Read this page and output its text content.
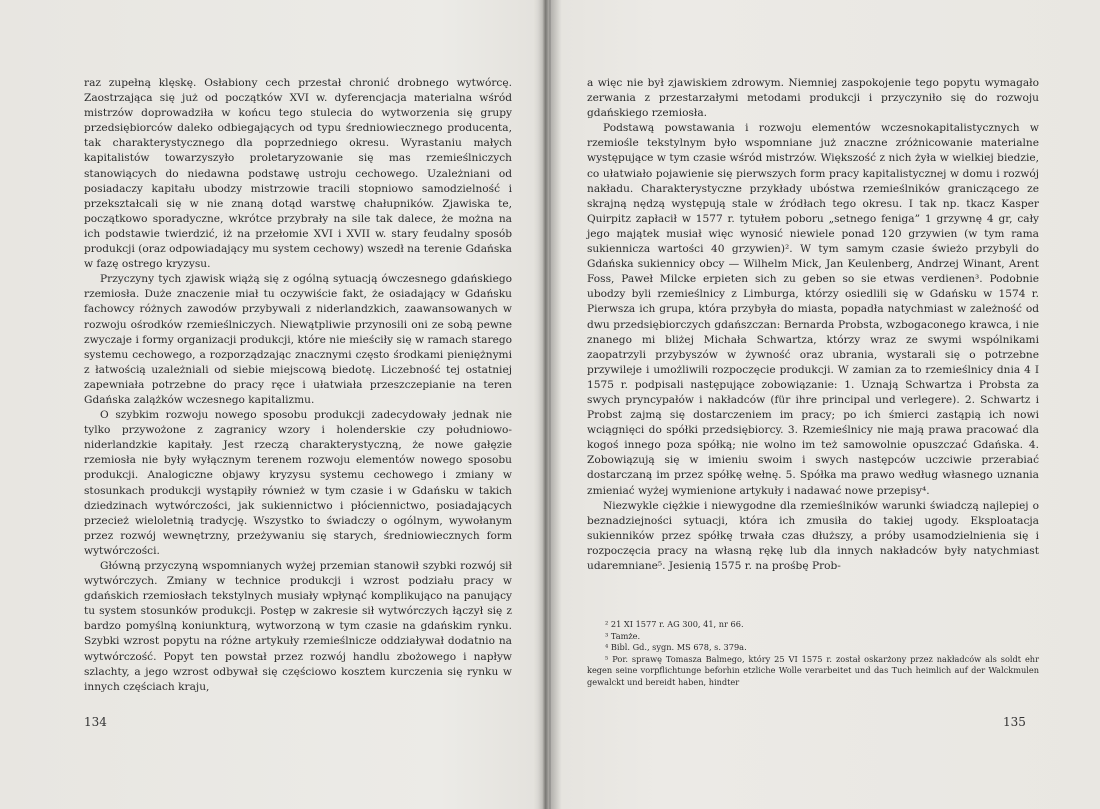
raz zupełną klęskę. Osłabiony cech przestał chronić drobnego wytwórcę. Zaostrzająca się już od początków XVI w. dyferencjacja materialna wśród mistrzów doprowadziła w końcu tego stulecia do wytworzenia się grupy przedsiębiorców daleko odbiegających od typu średniowiecznego producenta, tak charakterystycznego dla poprzedniego okresu. Wyrastaniu małych kapitalistów towarzyszyło proletaryzowanie się mas rzemieślniczych stanowiących do niedawna podstawę ustroju cechowego. Uzależniani od posiadaczy kapitału ubodzy mistrzowie tracili stopniowo samodzielność i przekształcali się w nie znaną dotąd warstwę chałupników. Zjawiska te, początkowo sporadyczne, wkrótce przybrały na sile tak dalece, że można na ich podstawie twierdzić, iż na przełomie XVI i XVII w. stary feudalny sposób produkcji (oraz odpowiadający mu system cechowy) wszedł na terenie Gdańska w fazę ostrego kryzysu.

Przyczyny tych zjawisk wiążą się z ogólną sytuacją ówczesnego gdańskiego rzemiosła. Duże znaczenie miał tu oczywiście fakt, że osiadający w Gdańsku fachowcy różnych zawodów przybywali z niderlandzkich, zaawansowanych w rozwoju ośrodków rzemieślniczych. Niewątpliwie przynosili oni ze sobą pewne zwyczaje i formy organizacji produkcji, które nie mieściły się w ramach starego systemu cechowego, a rozporządzając znacznymi często środkami pieniężnymi z łatwością uzależniali od siebie miejscową biedotę. Liczebność tej ostatniej zapewniała potrzebne do pracy ręce i ułatwiała przeszczepianie na teren Gdańska zalążków wczesnego kapitalizmu.

O szybkim rozwoju nowego sposobu produkcji zadecydowały jednak nie tylko przywożone z zagranicy wzory i holenderskie czy południowo-niderlandzkie kapitały. Jest rzeczą charakterystyczną, że nowe gałęzie rzemiosła nie były wyłącznym terenem rozwoju elementów nowego sposobu produkcji. Analogiczne objawy kryzysu systemu cechowego i zmiany w stosunkach produkcji wystąpiły również w tym czasie i w Gdańsku w takich dziedzinach wytwórczości, jak sukiennictwo i płóciennictwo, posiadających przecież wieloletnią tradycję. Wszystko to świadczy o ogólnym, wywołanym przez rozwój wewnętrzny, przeżywaniu się starych, średniowiecznych form wytwórczości.

Główną przyczyną wspomnianych wyżej przemian stanowił szybki rozwój sił wytwórczych. Zmiany w technice produkcji i wzrost podziału pracy w gdańskich rzemiosłach tekstylnych musiały wpłynąć komplikująco na panujący tu system stosunków produkcji. Postęp w zakresie sił wytwórczych łączył się z bardzo pomyślną koniunkturą, wytworzoną w tym czasie na gdańskim rynku. Szybki wzrost popytu na różne artykuły rzemieślnicze oddziaływał dodatnio na wytwórczość. Popyt ten powstał przez rozwój handlu zbożowego i napływ szlachty, a jego wzrost odbywał się częściowo kosztem kurczenia się rynku w innych częściach kraju,

134

a więc nie był zjawiskiem zdrowym. Niemniej zaspokojenie tego popytu wymagało zerwania z przestarzałymi metodami produkcji i przyczyniło się do rozwoju gdańskiego rzemiosła.

Podstawą powstawania i rozwoju elementów wczesnokapitalistycznych w rzemiośle tekstylnym było wspomniane już znaczne zróżnicowanie materialne występujące w tym czasie wśród mistrzów. Większość z nich żyła w wielkiej biedzie, co ułatwiało pojawienie się pierwszych form pracy kapitalistycznej w domu i rozwój nakładu. Charakterystyczne przykłady ubóstwa rzemieślników graniczącego ze skrajną nędzą występują stale w źródłach tego okresu. I tak np. tkacz Kasper Quirpitz zapłacił w 1577 r. tytułem poboru „setnego feniga” 1 grzywnę 4 gr, cały jego majątek musiał więc wynosić niewiele ponad 120 grzywien (w tym rama sukiennicza wartości 40 grzywien)². W tym samym czasie świeżo przybyli do Gdańska sukiennicy obcy — Wilhelm Mick, Jan Keulenberg, Andrzej Winant, Arent Foss, Paweł Milcke erpieten sich zu geben so sie etwas verdienen³. Podobnie ubodzy byli rzemieślnicy z Limburga, którzy osiedlili się w Gdańsku w 1574 r. Pierwsza ich grupa, która przybyła do miasta, popadła natychmiast w zależność od dwu przedsiębiorczych gdańszczan: Bernarda Probsta, wzbogaconego krawca, i nie znanego mi bliżej Michała Schwartza, którzy wraz ze swymi wspólnikami zaopatrzyli przybyszów w żywność oraz ubrania, wystarali się o potrzebne przywileje i umożliwili rozpoczęcie produkcji. W zamian za to rzemieślnicy dnia 4 I 1575 r. podpisali następujące zobowiązanie: 1. Uznają Schwartza i Probsta za swych pryncypałów i nakładców (für ihre principal und verlegere). 2. Schwartz i Probst zajmą się dostarczeniem im pracy; po ich śmierci zastąpią ich nowi wciągnięci do spółki przedsiębiorcy. 3. Rzemieślnicy nie mają prawa pracować dla kogoś innego poza spółką; nie wolno im też samowolnie opuszczać Gdańska. 4. Zobowiązują się w imieniu swoim i swych następców uczciwie przerabiać dostarczaną im przez spółkę wełnę. 5. Spółka ma prawo według własnego uznania zmieniać wyżej wymienione artykuły i nadawać nowe przepisy⁴.

Niezwykle ciężkie i niewygodne dla rzemieślników warunki świadczą najlepiej o beznadziejności sytuacji, która ich zmusiła do takiej ugody. Eksploatacja sukienników przez spółkę trwała czas dłuższy, a próby usamodzielnienia się i rozpoczęcia pracy na własną rękę lub dla innych nakładców były natychmiast udaremniane⁵. Jesienią 1575 r. na prośbę Prob-

² 21 XI 1577 r. AG 300, 41, nr 66.
³ Tamże.
⁴ Bibl. Gd., sygn. MS 678, s. 379a.
⁵ Por. sprawę Tomasza Balmego, który 25 VI 1575 r. został oskarżony przez nakładców als soldt ehr kegen seine vorpflichtunge beforhin etzliche Wolle verarbeitet und das Tuch heimlich auf der Walckmulen gewalckt und bereidt haben, hindter
135
